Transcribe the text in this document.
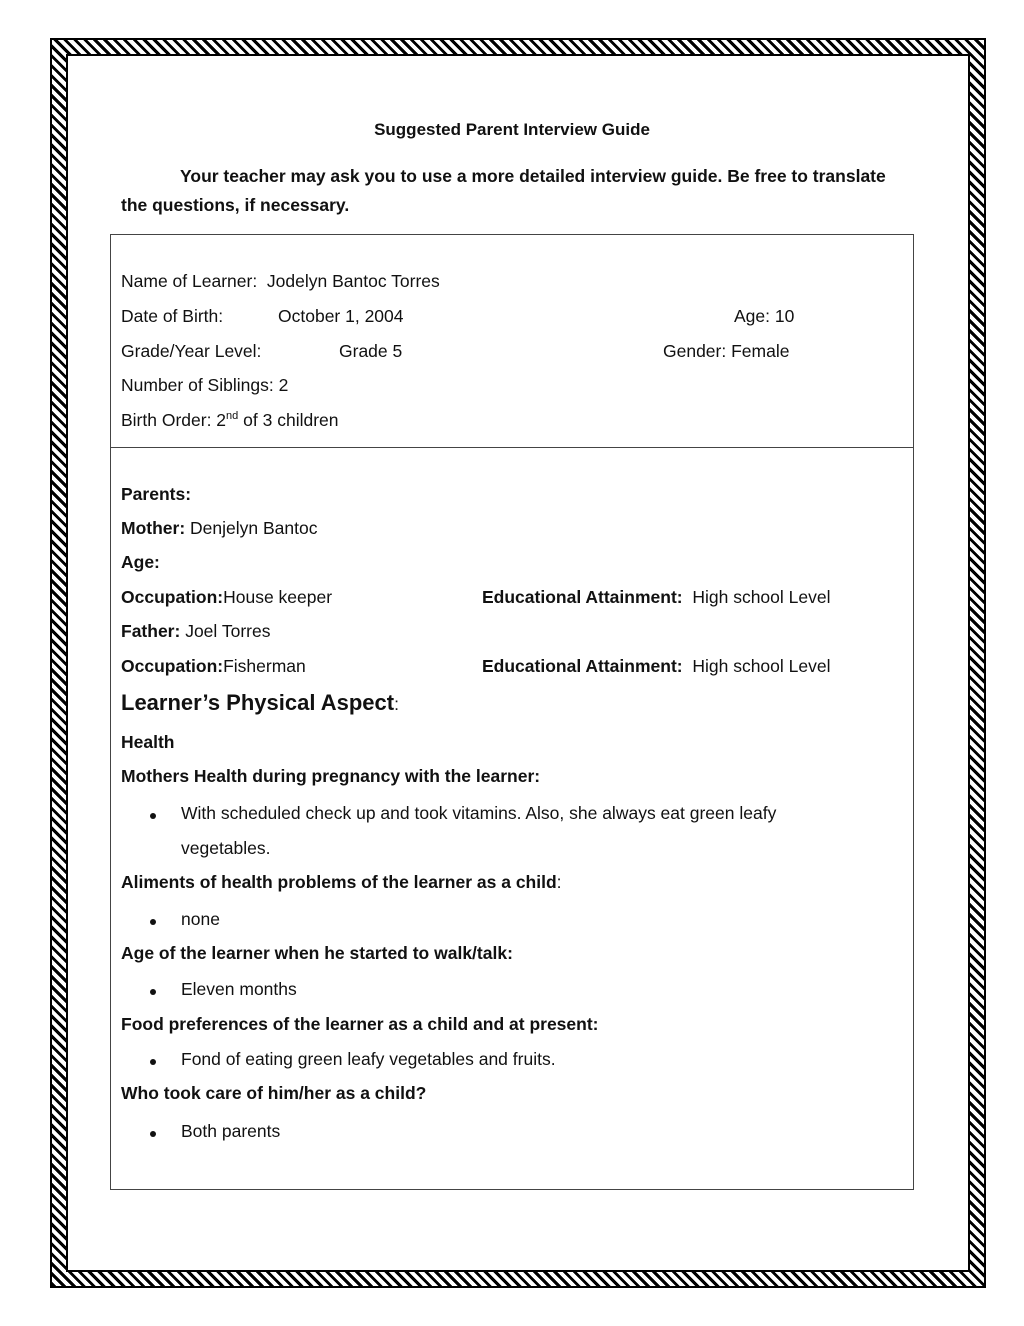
Suggested Parent Interview Guide
Your teacher may ask you to use a more detailed interview guide. Be free to translate the questions, if necessary.
Name of Learner: Jodelyn Bantoc Torres
Date of Birth:	October 1, 2004	Age: 10
Grade/Year Level:	Grade 5	Gender: Female
Number of Siblings: 2
Birth Order: 2nd of 3 children
Parents:
Mother: Denjelyn Bantoc
Age:
Occupation:House keeper	Educational Attainment: High school Level
Father: Joel Torres
Occupation:Fisherman	Educational Attainment: High school Level
Learner’s Physical Aspect:
Health
Mothers Health during pregnancy with the learner:
With scheduled check up and took vitamins. Also, she always eat green leafy
vegetables.
Aliments of health problems of the learner as a child:
none
Age of the learner when he started to walk/talk:
Eleven months
Food preferences of the learner as a child and at present:
Fond of eating green leafy vegetables and fruits.
Who took care of him/her as a child?
Both parents
